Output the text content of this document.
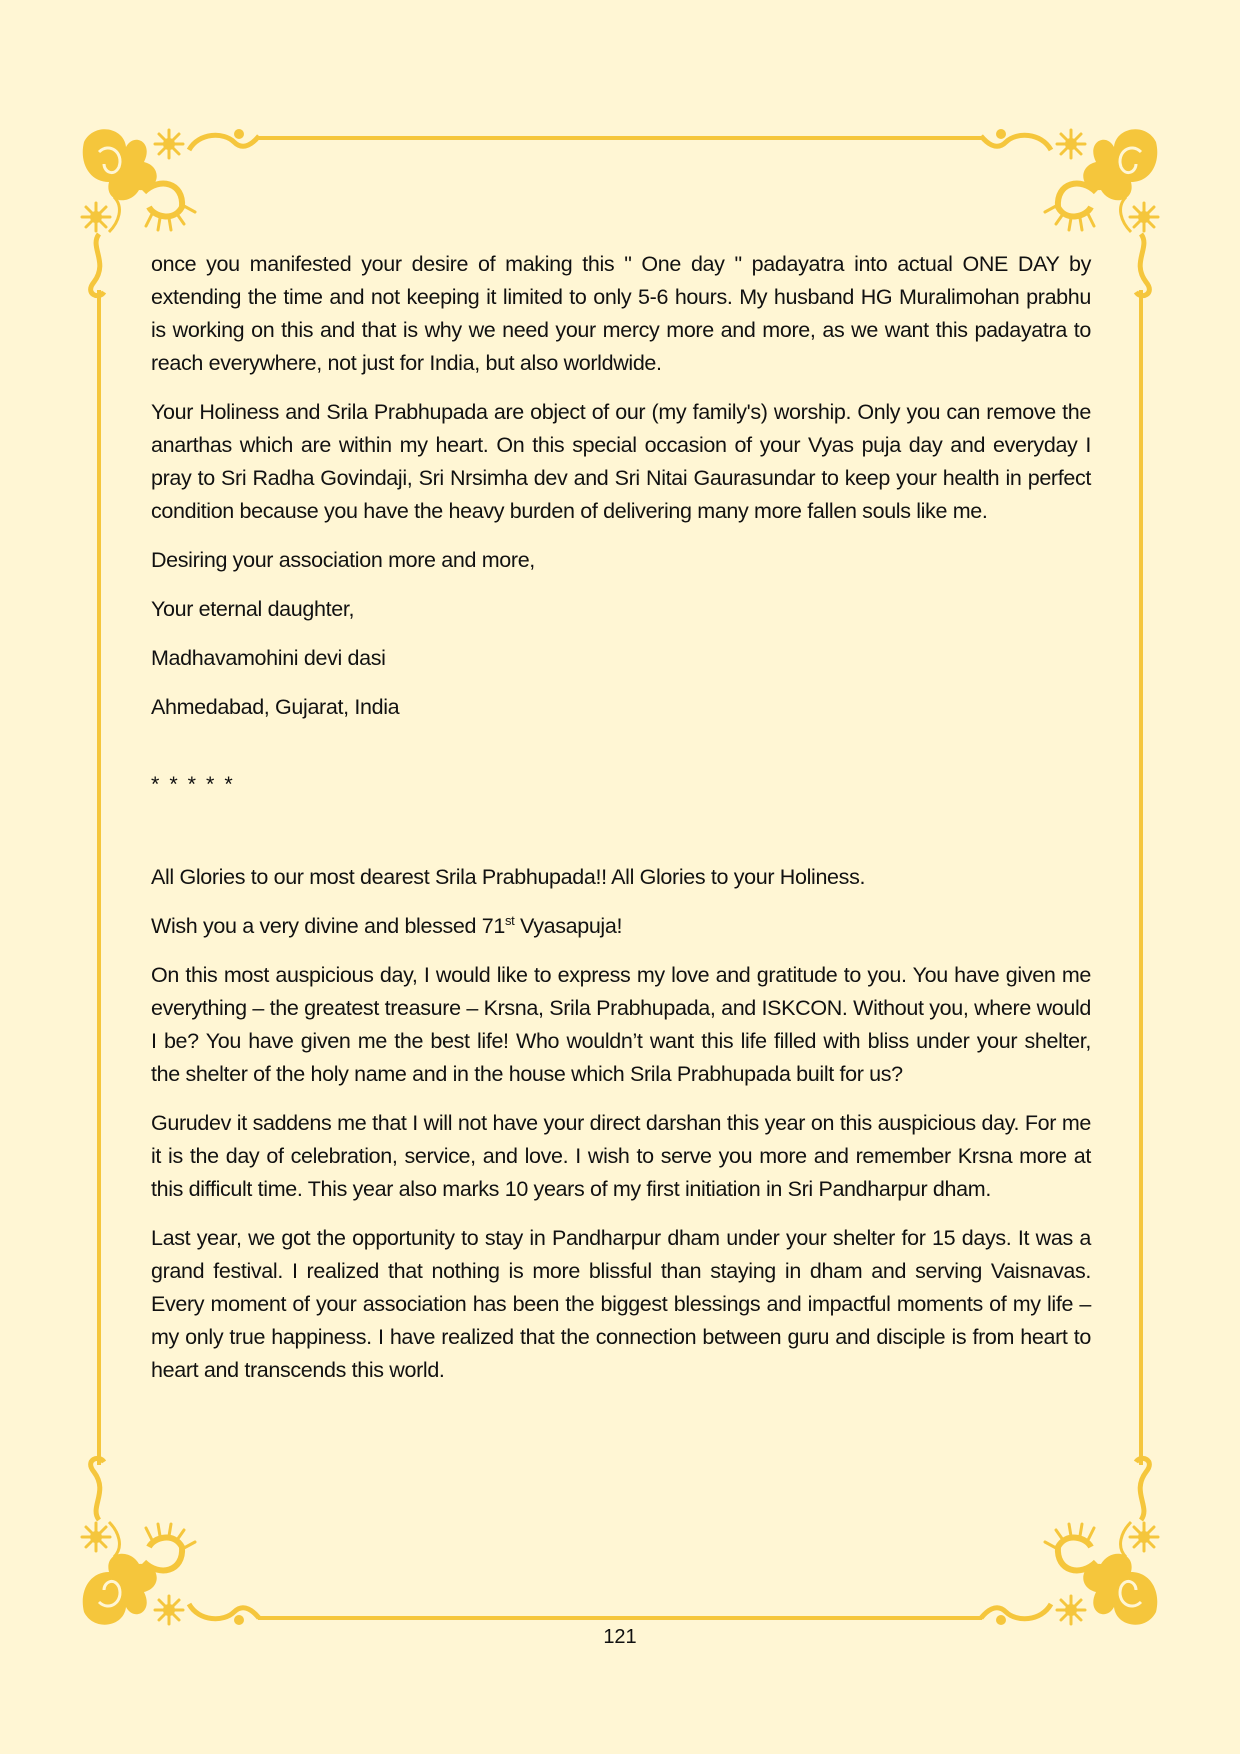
once you manifested your desire of making this " One day " padayatra into actual ONE DAY by extending the time and not keeping it limited to only 5-6 hours. My husband HG Muralimohan prabhu is working on this and that is why we need your mercy more and more, as we want this padayatra to reach everywhere, not just for India, but also worldwide.

Your Holiness and Srila Prabhupada are object of our (my family's) worship. Only you can remove the anarthas which are within my heart. On this special occasion of your Vyas puja day and everyday I pray to Sri Radha Govindaji, Sri Nrsimha dev and Sri Nitai Gaurasundar to keep your health in perfect condition because you have the heavy burden of delivering many more fallen souls like me.

Desiring your association more and more,

Your eternal daughter,

Madhavamohini devi dasi

Ahmedabad, Gujarat, India

* * * * *

All Glories to our most dearest Srila Prabhupada!! All Glories to your Holiness.

Wish you a very divine and blessed 71st Vyasapuja!

On this most auspicious day, I would like to express my love and gratitude to you. You have given me everything – the greatest treasure – Krsna, Srila Prabhupada, and ISKCON. Without you, where would I be? You have given me the best life! Who wouldn’t want this life filled with bliss under your shelter, the shelter of the holy name and in the house which Srila Prabhupada built for us?

Gurudev it saddens me that I will not have your direct darshan this year on this auspicious day. For me it is the day of celebration, service, and love. I wish to serve you more and remember Krsna more at this difficult time. This year also marks 10 years of my first initiation in Sri Pandharpur dham.

Last year, we got the opportunity to stay in Pandharpur dham under your shelter for 15 days. It was a grand festival. I realized that nothing is more blissful than staying in dham and serving Vaisnavas. Every moment of your association has been the biggest blessings and impactful moments of my life – my only true happiness. I have realized that the connection between guru and disciple is from heart to heart and transcends this world.

121
